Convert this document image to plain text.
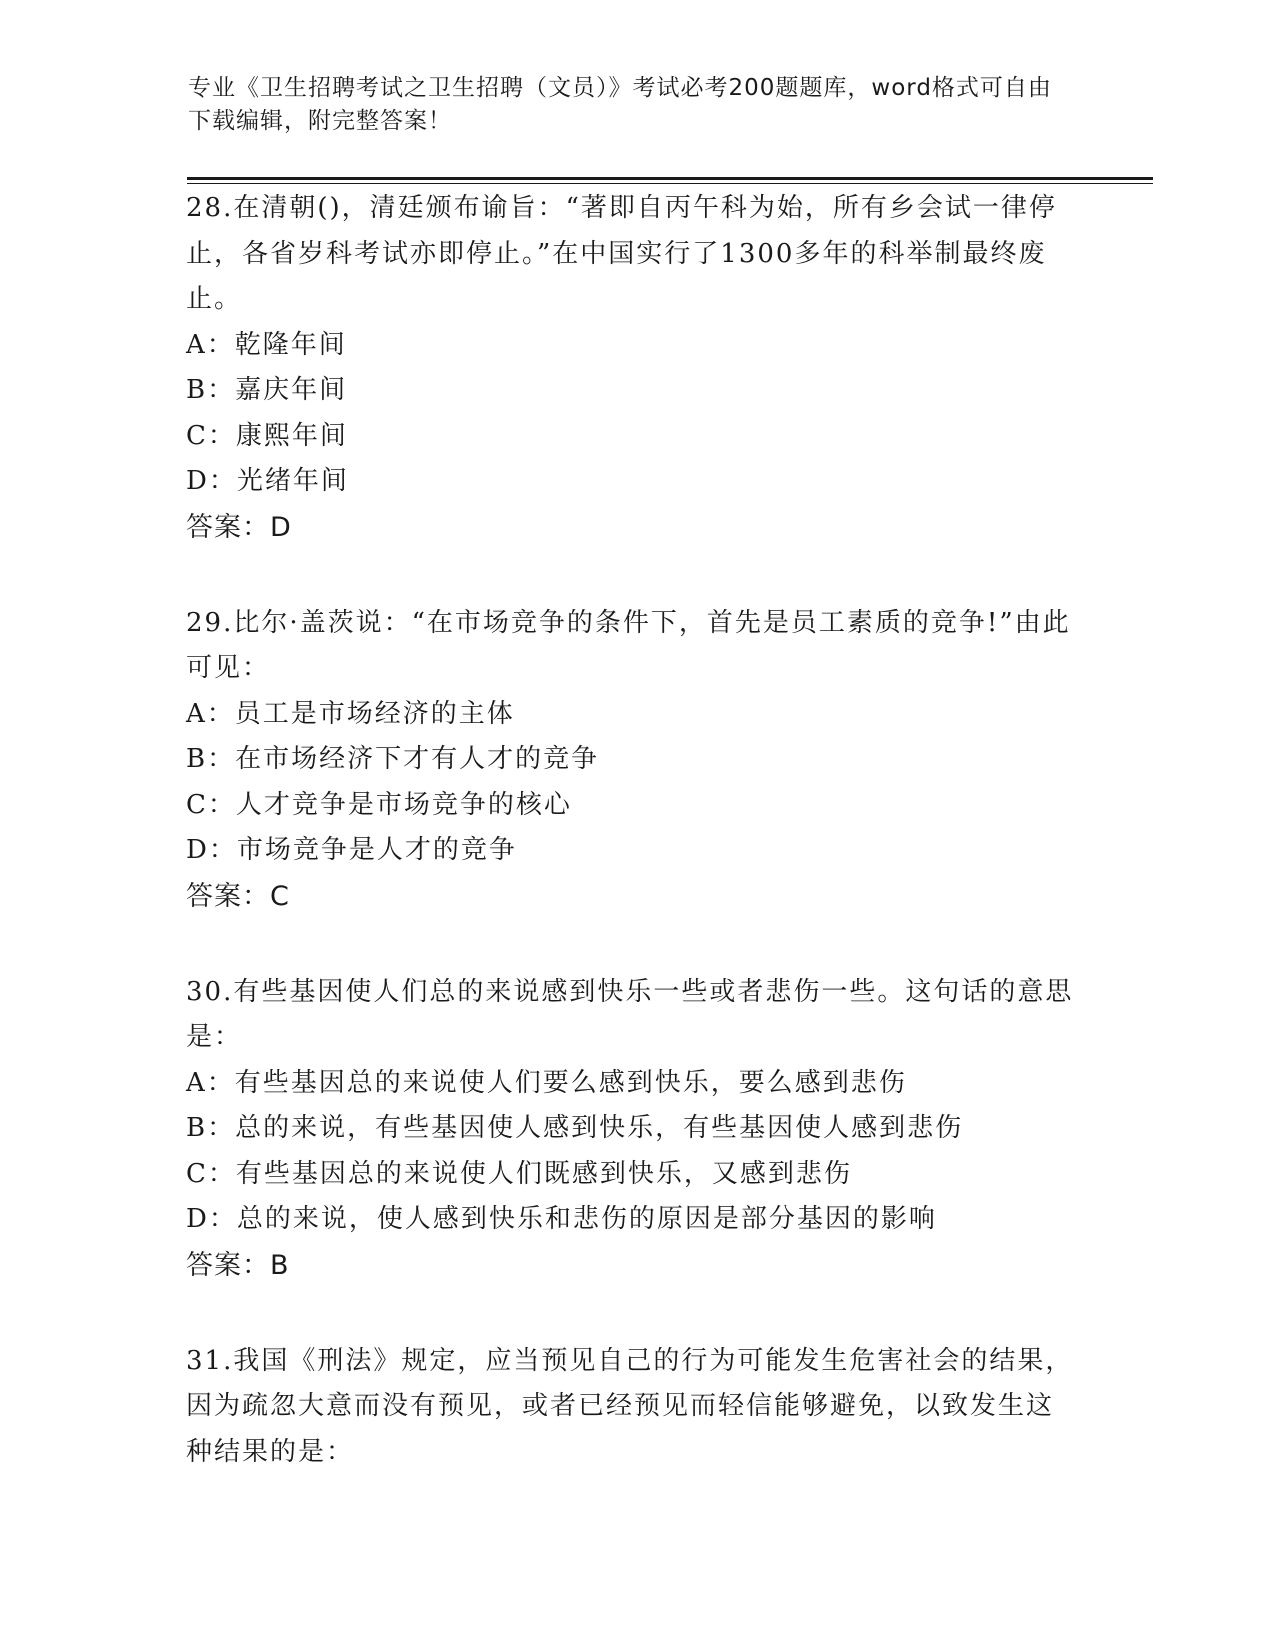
专业《卫生招聘考试之卫生招聘（文员）》考试必考200题题库，word格式可自由下载编辑，附完整答案！

28.在清朝()，清廷颁布谕旨：“著即自丙午科为始，所有乡会试一律停止，各省岁科考试亦即停止。”在中国实行了1300多年的科举制最终废止。

A：乾隆年间

B：嘉庆年间

C：康熙年间

D：光绪年间

答案：D

29.比尔·盖茨说：“在市场竞争的条件下，首先是员工素质的竞争!”由此可见：

A：员工是市场经济的主体

B：在市场经济下才有人才的竞争

C：人才竞争是市场竞争的核心

D：市场竞争是人才的竞争

答案：C

30.有些基因使人们总的来说感到快乐一些或者悲伤一些。这句话的意思是：

A：有些基因总的来说使人们要么感到快乐，要么感到悲伤

B：总的来说，有些基因使人感到快乐，有些基因使人感到悲伤

C：有些基因总的来说使人们既感到快乐，又感到悲伤

D：总的来说，使人感到快乐和悲伤的原因是部分基因的影响

答案：B

31.我国《刑法》规定，应当预见自己的行为可能发生危害社会的结果，因为疏忽大意而没有预见，或者已经预见而轻信能够避免，以致发生这种结果的是：
